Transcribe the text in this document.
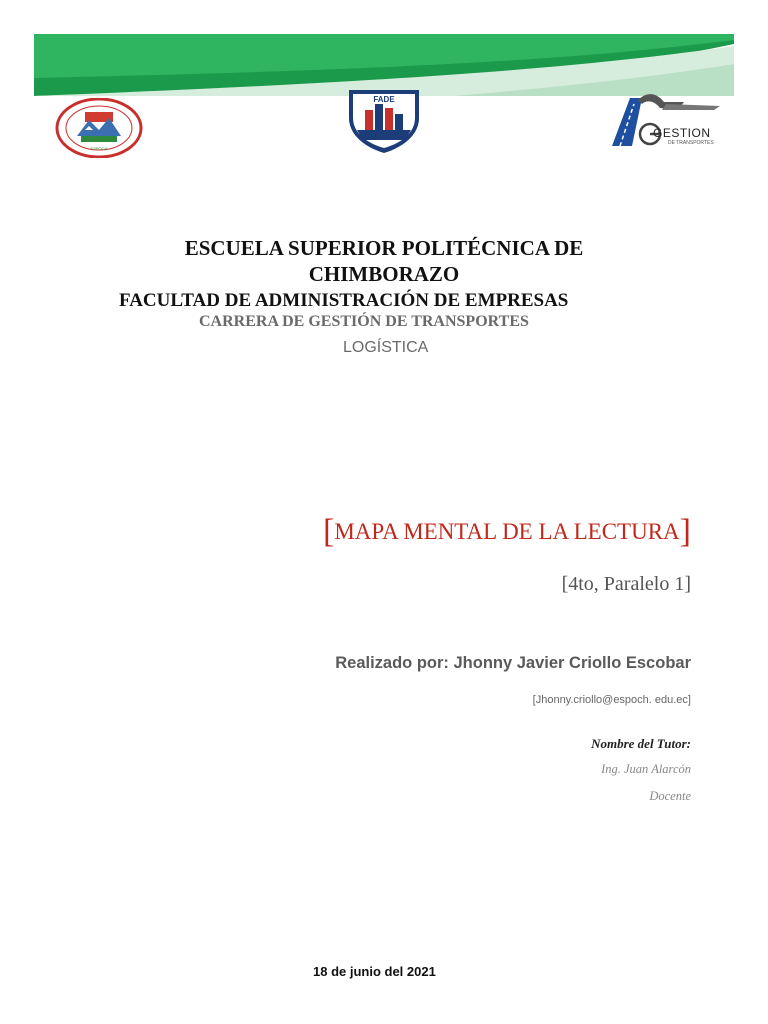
ESPOCH
FADE
GESTION
DE TRANSPORTES
ESCUELA SUPERIOR POLITÉCNICA DE
CHIMBORAZO
FACULTAD DE ADMINISTRACIÓN DE EMPRESAS
CARRERA DE GESTIÓN DE TRANSPORTES
LOGÍSTICA
[MAPA MENTAL DE LA LECTURA]
[4to, Paralelo 1]
Realizado por: Jhonny Javier Criollo Escobar
[Jhonny.criollo@espoch. edu.ec]
Nombre del Tutor:
Ing. Juan Alarcón
Docente
18 de junio del 2021
